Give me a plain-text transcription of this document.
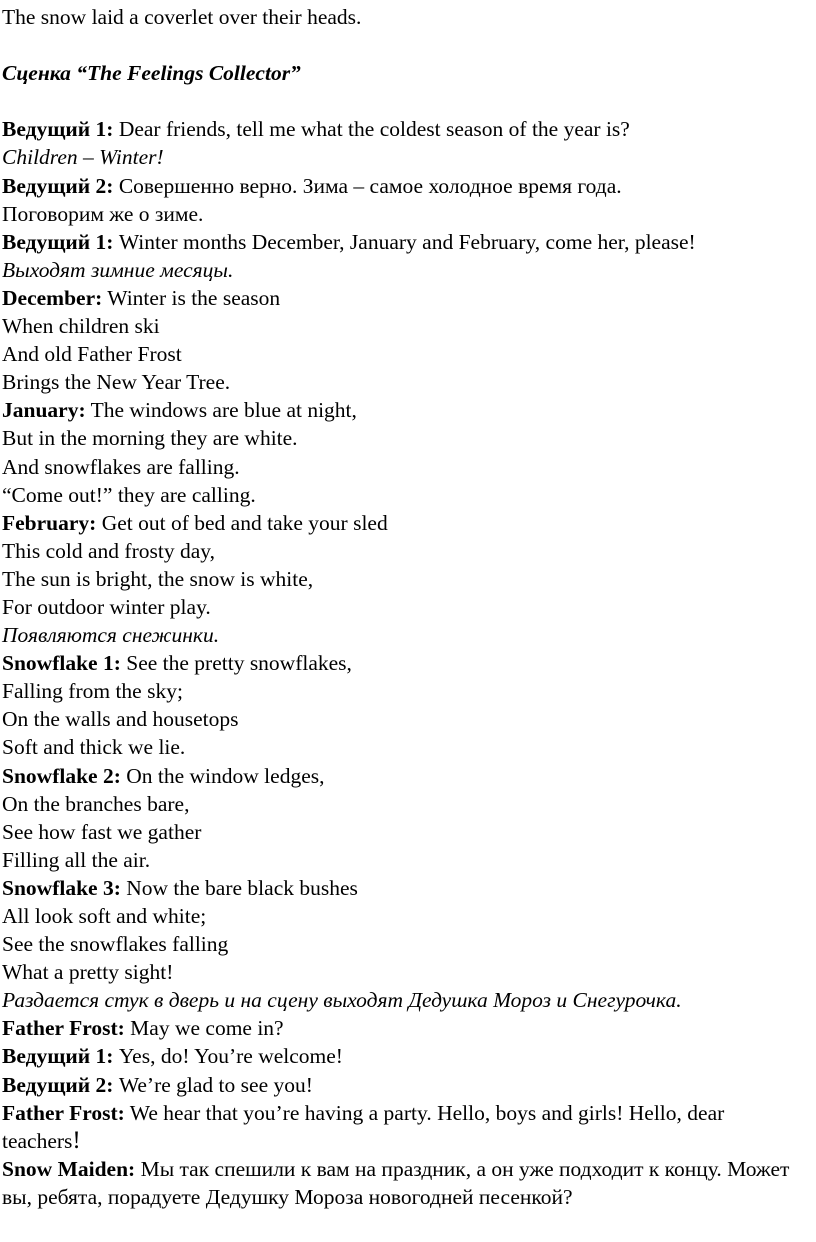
The snow laid a coverlet over their heads.

Сценка “The Feelings Collector”

Ведущий 1: Dear friends, tell me what the coldest season of the year is?

Children – Winter!

Ведущий 2: Совершенно верно. Зима – самое холодное время года.

Поговорим же о зиме.

Ведущий 1: Winter months December, January and February, come her, please!

Выходят зимние месяцы.

December: Winter is the season

When children ski

And old Father Frost

Brings the New Year Tree.

January: The windows are blue at night,

But in the morning they are white.

And snowflakes are falling.

“Come out!” they are calling.

February: Get out of bed and take your sled

This cold and frosty day,

The sun is bright, the snow is white,

For outdoor winter play.

Появляются снежинки.

Snowflake 1: See the pretty snowflakes,

Falling from the sky;

On the walls and housetops

Soft and thick we lie.

Snowflake 2: On the window ledges,

On the branches bare,

See how fast we gather

Filling all the air.

Snowflake 3: Now the bare black bushes

All look soft and white;

See the snowflakes falling

What a pretty sight!

Раздается стук в дверь и на сцену выходят Дедушка Мороз и Снегурочка.

Father Frost: May we come in?

Ведущий 1: Yes, do! You’re welcome!

Ведущий 2: We’re glad to see you!

Father Frost: We hear that you’re having a party. Hello, boys and girls! Hello, dear teachers!

Snow Maiden: Мы так спешили к вам на праздник, а он уже подходит к концу. Может вы, ребята, порадуете Дедушку Мороза новогодней песенкой?
